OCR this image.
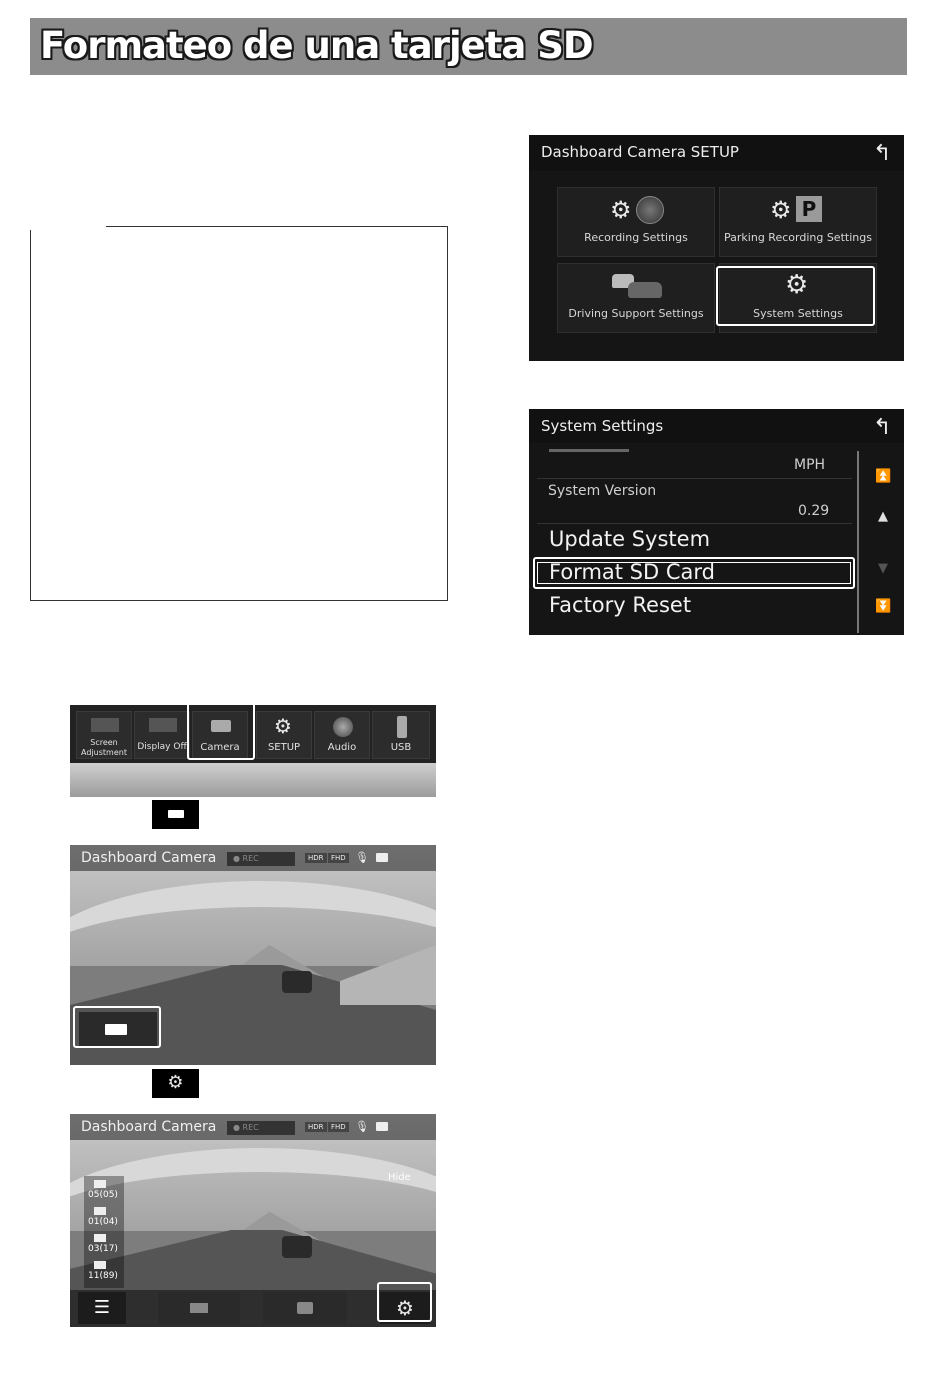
Formateo de una tarjeta SD
Dashboard Camera SETUP	↰
⚙
Recording Settings
⚙ P
Parking Recording Settings
Driving Support Settings
⚙
System Settings
System Settings	↰
MPH
System Version
0.29
Update System
Format SD Card
Factory Reset
⏫
▲
▼
⏬
Screen
Adjustment
Display Off	Camera
⚙
SETUP	Audio	USB
Dashboard Camera	● REC	HDR	FHD 🎙
⚙
Dashboard Camera	● REC	HDR	FHD 🎙
Hide
05(05)
01(04)
03(17)
11(89)
☰	⚙
